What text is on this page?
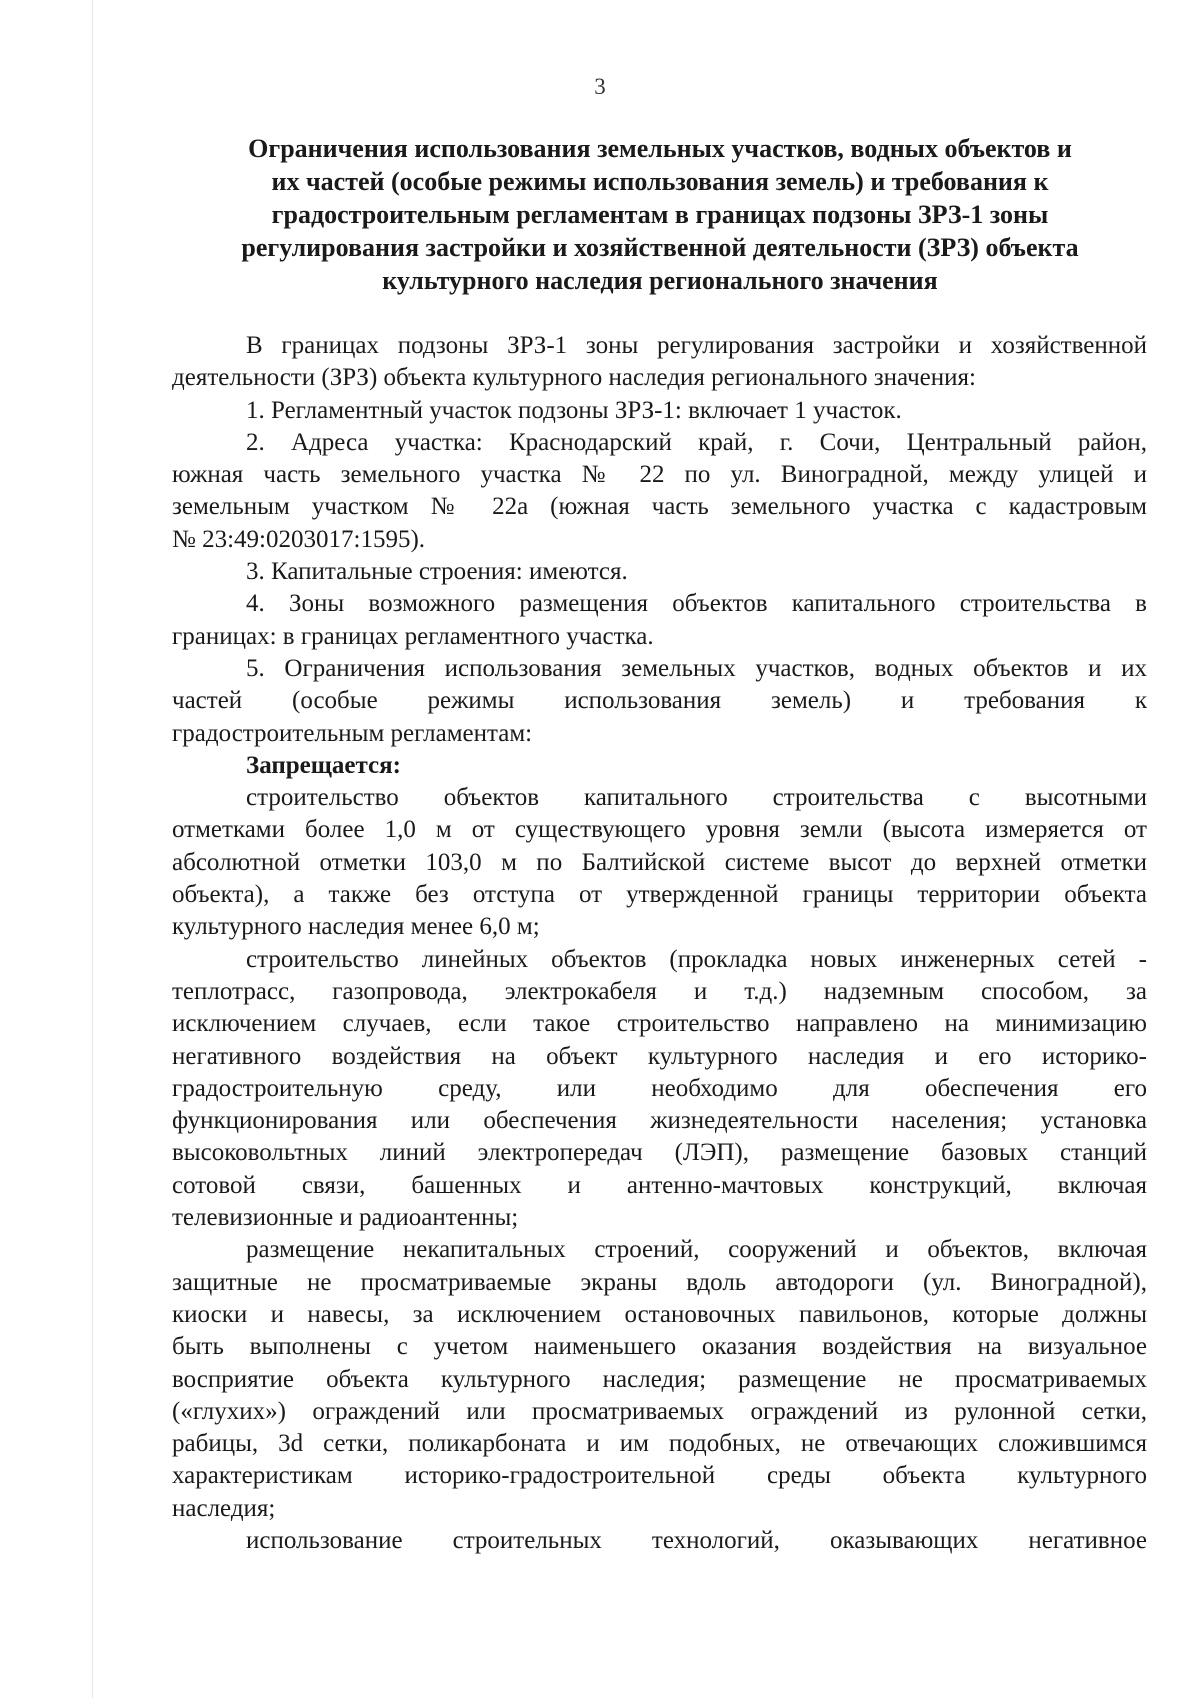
3
Ограничения использования земельных участков, водных объектов и
их частей (особые режимы использования земель) и требования к
градостроительным регламентам в границах подзоны ЗРЗ-1 зоны
регулирования застройки и хозяйственной деятельности (ЗРЗ) объекта
культурного наследия регионального значения
В границах подзоны ЗРЗ-1 зоны регулирования застройки и хозяйственной
деятельности (ЗРЗ) объекта культурного наследия регионального значения:
1. Регламентный участок подзоны ЗРЗ-1: включает 1 участок.
2. Адреса участка: Краснодарский край, г. Сочи, Центральный район,
южная часть земельного участка № 22 по ул. Виноградной, между улицей и
земельным участком № 22а (южная часть земельного участка с кадастровым
№ 23:49:0203017:1595).
3. Капитальные строения: имеются.
4. Зоны возможного размещения объектов капитального строительства в
границах: в границах регламентного участка.
5. Ограничения использования земельных участков, водных объектов и их
частей (особые режимы использования земель) и требования к
градостроительным регламентам:
Запрещается:
строительство объектов капитального строительства с высотными
отметками более 1,0 м от существующего уровня земли (высота измеряется от
абсолютной отметки 103,0 м по Балтийской системе высот до верхней отметки
объекта), а также без отступа от утвержденной границы территории объекта
культурного наследия менее 6,0 м;
строительство линейных объектов (прокладка новых инженерных сетей -
теплотрасс, газопровода, электрокабеля и т.д.) надземным способом, за
исключением случаев, если такое строительство направлено на минимизацию
негативного воздействия на объект культурного наследия и его историко-
градостроительную среду, или необходимо для обеспечения его
функционирования или обеспечения жизнедеятельности населения; установка
высоковольтных линий электропередач (ЛЭП), размещение базовых станций
сотовой связи, башенных и антенно-мачтовых конструкций, включая
телевизионные и радиоантенны;
размещение некапитальных строений, сооружений и объектов, включая
защитные не просматриваемые экраны вдоль автодороги (ул. Виноградной),
киоски и навесы, за исключением остановочных павильонов, которые должны
быть выполнены с учетом наименьшего оказания воздействия на визуальное
восприятие объекта культурного наследия; размещение не просматриваемых
(«глухих») ограждений или просматриваемых ограждений из рулонной сетки,
рабицы, 3d сетки, поликарбоната и им подобных, не отвечающих сложившимся
характеристикам историко-градостроительной среды объекта культурного
наследия;
использование строительных технологий, оказывающих негативное
